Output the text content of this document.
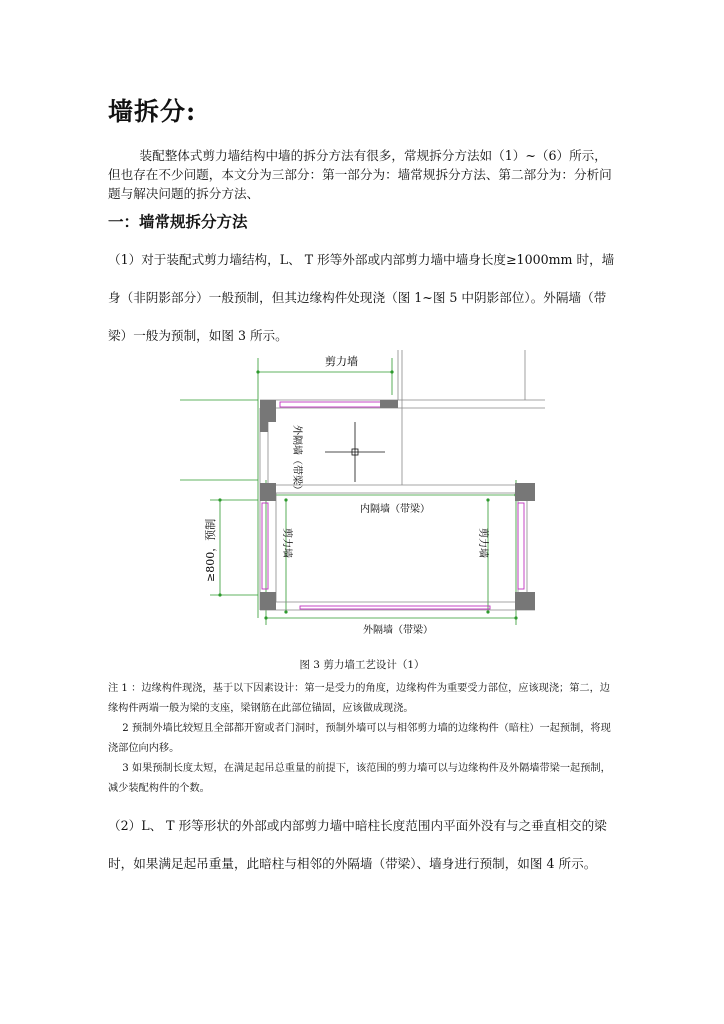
墙拆分:
装配整体式剪力墙结构中墙的拆分方法有很多，常规拆分方法如（1）~（6）所示，但也存在不少问题，本文分为三部分：第一部分为：墙常规拆分方法、第二部分为：分析问题与解决问题的拆分方法、
一：墙常规拆分方法
（1）对于装配式剪力墙结构，L、 T 形等外部或内部剪力墙中墙身长度≥1000mm 时，墙身（非阴影部分）一般预制，但其边缘构件处现浇（图 1~图 5 中阴影部位）。外隔墙（带梁）一般为预制，如图 3 所示。
剪力墙
外隔墙（带梁）
内隔墙（带梁）
剪力墙	剪力墙
外隔墙（带梁）
≥800，预制
图 3 剪力墙工艺设计（1）

注 1 ：边缘构件现浇，基于以下因素设计：第一是受力的角度，边缘构件为重要受力部位，应该现浇；第二，边缘构件两端一般为梁的支座，梁钢筋在此部位锚固，应该做成现浇。

2 预制外墙比较短且全部都开窗或者门洞时，预制外墙可以与相邻剪力墙的边缘构件（暗柱）一起预制，将现浇部位向内移。

3 如果预制长度太短，在满足起吊总重量的前提下，该范围的剪力墙可以与边缘构件及外隔墙带梁一起预制，减少装配构件的个数。

（2）L、 T 形等形状的外部或内部剪力墙中暗柱长度范围内平面外没有与之垂直相交的梁时，如果满足起吊重量，此暗柱与相邻的外隔墙（带梁）、墙身进行预制，如图 4 所示。
